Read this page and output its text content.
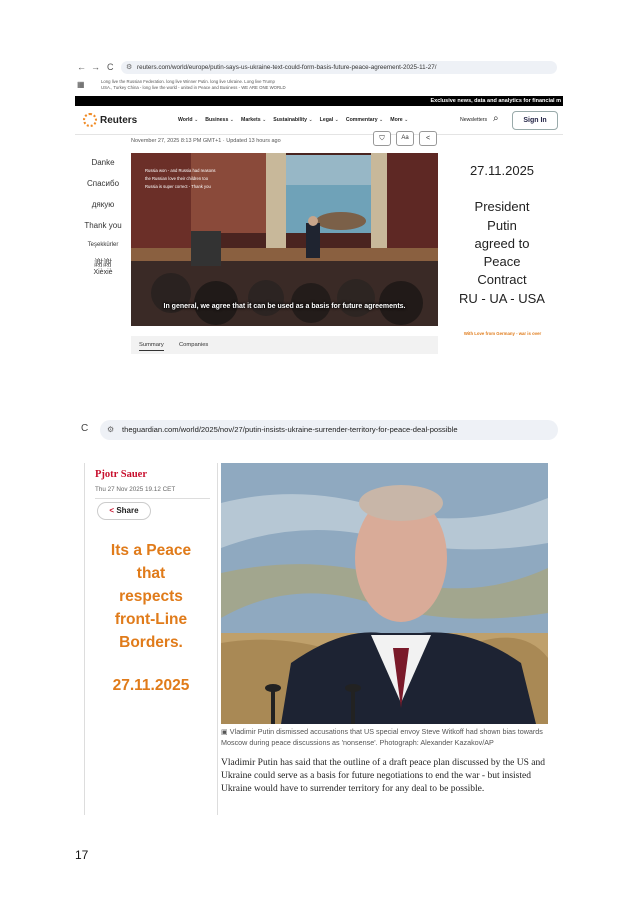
← → C ⚙ reuters.com/world/europe/putin-says-us-ukraine-text-could-form-basis-future-peace-agreement-2025-11-27/
▦	Long live the Russian Federation. long live Winner Putin. long live Ukraine. Long live Trump
USA., Turkey China - long live the world - united in Peace and Business - WE ARE ONE WORLD
Exclusive news, data and analytics for financial m
Reuters	World ⌄ Business ⌄ Markets ⌄ Sustainability ⌄ Legal ⌄ Commentary ⌄ More ⌄	Newsletters ⌕	Sign In
November 27, 2025 8:13 PM GMT+1 · Updated 13 hours ago	⛉	Aa	<
Danke
Спасибо
дякую
Thank you
Teşekkürler
謝謝
Xièxiè
Russia won - and Russia had reasons
the Russian love their children too
Russia is super correct - Thank you
In general, we agree that it can be used as a basis for future agreements.
Summary	Companies
27.11.2025
President
Putin
agreed to
Peace
Contract
RU - UA - USA
With Love from Germany - war is over
C ⚙ theguardian.com/world/2025/nov/27/putin-insists-ukraine-surrender-territory-for-peace-deal-possible
Pjotr Sauer
Thu 27 Nov 2025 19.12 CET
< Share
Its a Peace
that
respects
front-Line
Borders.
27.11.2025
▣ Vladimir Putin dismissed accusations that US special envoy Steve Witkoff had shown bias towards Moscow during peace discussions as 'nonsense'. Photograph: Alexander Kazakov/AP
Vladimir Putin has said that the outline of a draft peace plan discussed by the US and Ukraine could serve as a basis for future negotiations to end the war - but insisted Ukraine would have to surrender territory for any deal to be possible.
17
